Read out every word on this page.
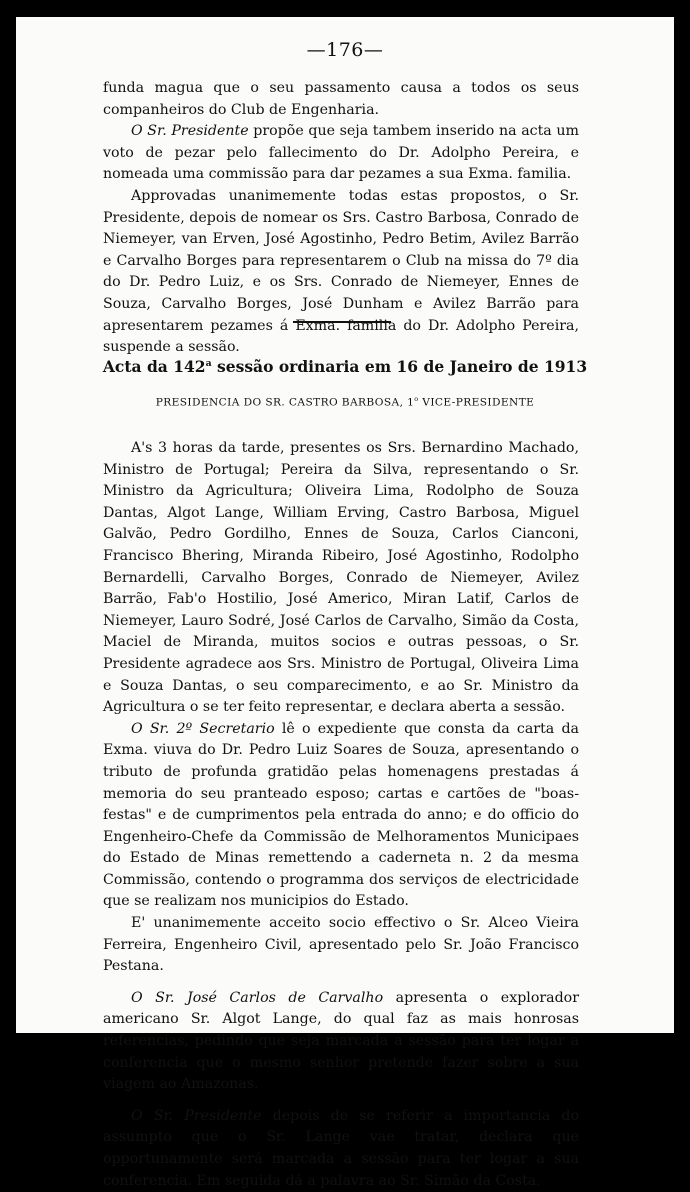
—176—

funda magua que o seu passamento causa a todos os seus companheiros do Club de Engenharia.

O Sr. Presidente propõe que seja tambem inserido na acta um voto de pezar pelo fallecimento do Dr. Adolpho Pereira, e nomeada uma commissão para dar pezames a sua Exma. familia.

Approvadas unanimemente todas estas propostos, o Sr. Presidente, depois de nomear os Srs. Castro Barbosa, Conrado de Niemeyer, van Erven, José Agostinho, Pedro Betim, Avilez Barrão e Carvalho Borges para representarem o Club na missa do 7º dia do Dr. Pedro Luiz, e os Srs. Conrado de Niemeyer, Ennes de Souza, Carvalho Borges, José Dunham e Avilez Barrão para apresentarem pezames á Exma. familia do Dr. Adolpho Pereira, suspende a sessão.

Acta da 142$^a$ sessão ordinaria em 16 de Janeiro de 1913
PRESIDENCIA DO SR. CASTRO BARBOSA, 1$^o$ VICE-PRESIDENTE

A's 3 horas da tarde, presentes os Srs. Bernardino Machado, Ministro de Portugal; Pereira da Silva, representando o Sr. Ministro da Agricultura; Oliveira Lima, Rodolpho de Souza Dantas, Algot Lange, William Erving, Castro Barbosa, Miguel Galvão, Pedro Gordilho, Ennes de Souza, Carlos Cianconi, Francisco Bhering, Miranda Ribeiro, José Agostinho, Rodolpho Bernardelli, Carvalho Borges, Conrado de Niemeyer, Avilez Barrão, Fab'o Hostilio, José Americo, Miran Latif, Carlos de Niemeyer, Lauro Sodré, José Carlos de Carvalho, Simão da Costa, Maciel de Miranda, muitos socios e outras pessoas, o Sr. Presidente agradece aos Srs. Ministro de Portugal, Oliveira Lima e Souza Dantas, o seu comparecimento, e ao Sr. Ministro da Agricultura o se ter feito representar, e declara aberta a sessão.

O Sr. 2º Secretario lê o expediente que consta da carta da Exma. viuva do Dr. Pedro Luiz Soares de Souza, apresentando o tributo de profunda gratidão pelas homenagens prestadas á memoria do seu pranteado esposo; cartas e cartões de "boas-festas" e de cumprimentos pela entrada do anno; e do officio do Engenheiro-Chefe da Commissão de Melhoramentos Municipaes do Estado de Minas remettendo a caderneta n. 2 da mesma Commissão, contendo o programma dos serviços de electricidade que se realizam nos municipios do Estado.

E' unanimemente acceito socio effectivo o Sr. Alceo Vieira Ferreira, Engenheiro Civil, apresentado pelo Sr. João Francisco Pestana.

O Sr. José Carlos de Carvalho apresenta o explorador americano Sr. Algot Lange, do qual faz as mais honrosas referencias, pedindo que seja marcada a sessão para ter logar a conferencia que o mesmo senhor pretende fazer sobre a sua viagem ao Amazonas.

O Sr. Presidente depois de se referir a importancia do assumpto que o Sr. Lange vae tratar, declara que opportunamente será marcada a sessão para ter logar a sua conferencia. Em seguida dá a palavra ao Sr. Simão da Costa.
